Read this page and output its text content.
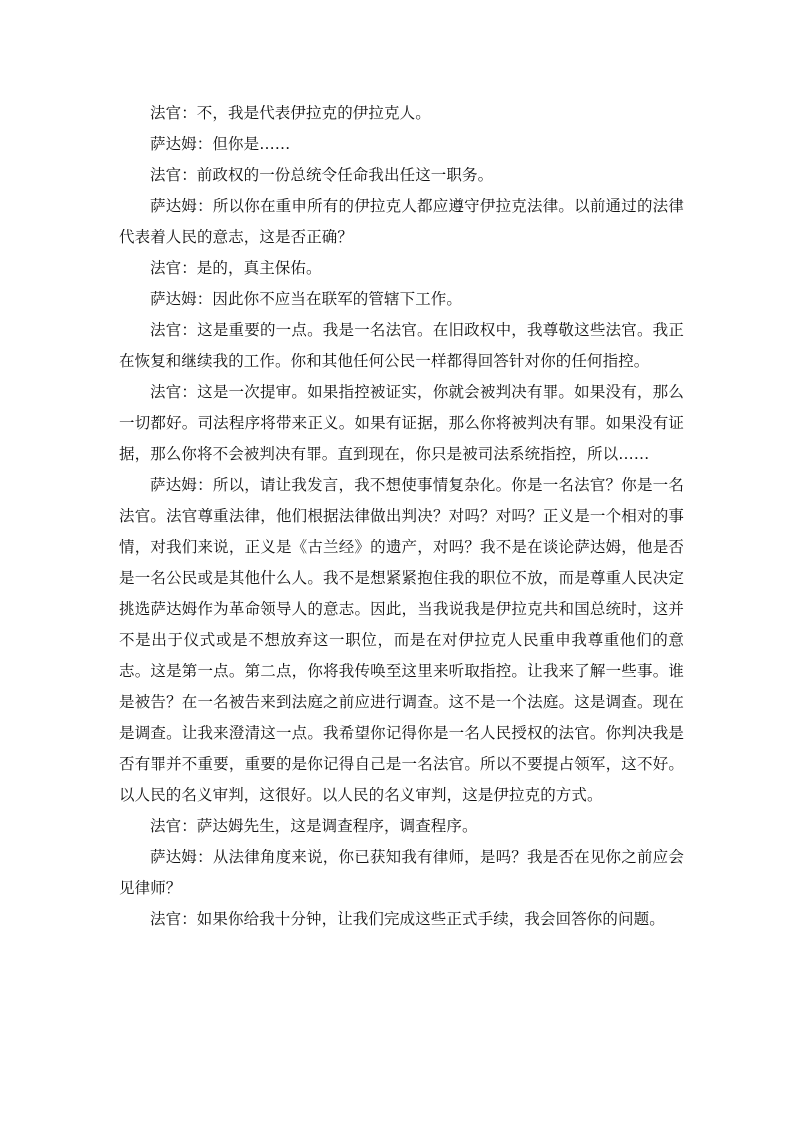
法官：不，我是代表伊拉克的伊拉克人。

萨达姆：但你是……

法官：前政权的一份总统令任命我出任这一职务。

萨达姆：所以你在重申所有的伊拉克人都应遵守伊拉克法律。以前通过的法律代表着人民的意志，这是否正确？

法官：是的，真主保佑。

萨达姆：因此你不应当在联军的管辖下工作。

法官：这是重要的一点。我是一名法官。在旧政权中，我尊敬这些法官。我正在恢复和继续我的工作。你和其他任何公民一样都得回答针对你的任何指控。

法官：这是一次提审。如果指控被证实，你就会被判决有罪。如果没有，那么一切都好。司法程序将带来正义。如果有证据，那么你将被判决有罪。如果没有证据，那么你将不会被判决有罪。直到现在，你只是被司法系统指控，所以……

萨达姆：所以，请让我发言，我不想使事情复杂化。你是一名法官？你是一名法官。法官尊重法律，他们根据法律做出判决？对吗？对吗？正义是一个相对的事情，对我们来说，正义是《古兰经》的遗产，对吗？我不是在谈论萨达姆，他是否是一名公民或是其他什么人。我不是想紧紧抱住我的职位不放，而是尊重人民决定挑选萨达姆作为革命领导人的意志。因此，当我说我是伊拉克共和国总统时，这并不是出于仪式或是不想放弃这一职位，而是在对伊拉克人民重申我尊重他们的意志。这是第一点。第二点，你将我传唤至这里来听取指控。让我来了解一些事。谁是被告？在一名被告来到法庭之前应进行调查。这不是一个法庭。这是调查。现在是调查。让我来澄清这一点。我希望你记得你是一名人民授权的法官。你判决我是否有罪并不重要，重要的是你记得自己是一名法官。所以不要提占领军，这不好。以人民的名义审判，这很好。以人民的名义审判，这是伊拉克的方式。

法官：萨达姆先生，这是调查程序，调查程序。

萨达姆：从法律角度来说，你已获知我有律师，是吗？我是否在见你之前应会见律师？

法官：如果你给我十分钟，让我们完成这些正式手续，我会回答你的问题。
